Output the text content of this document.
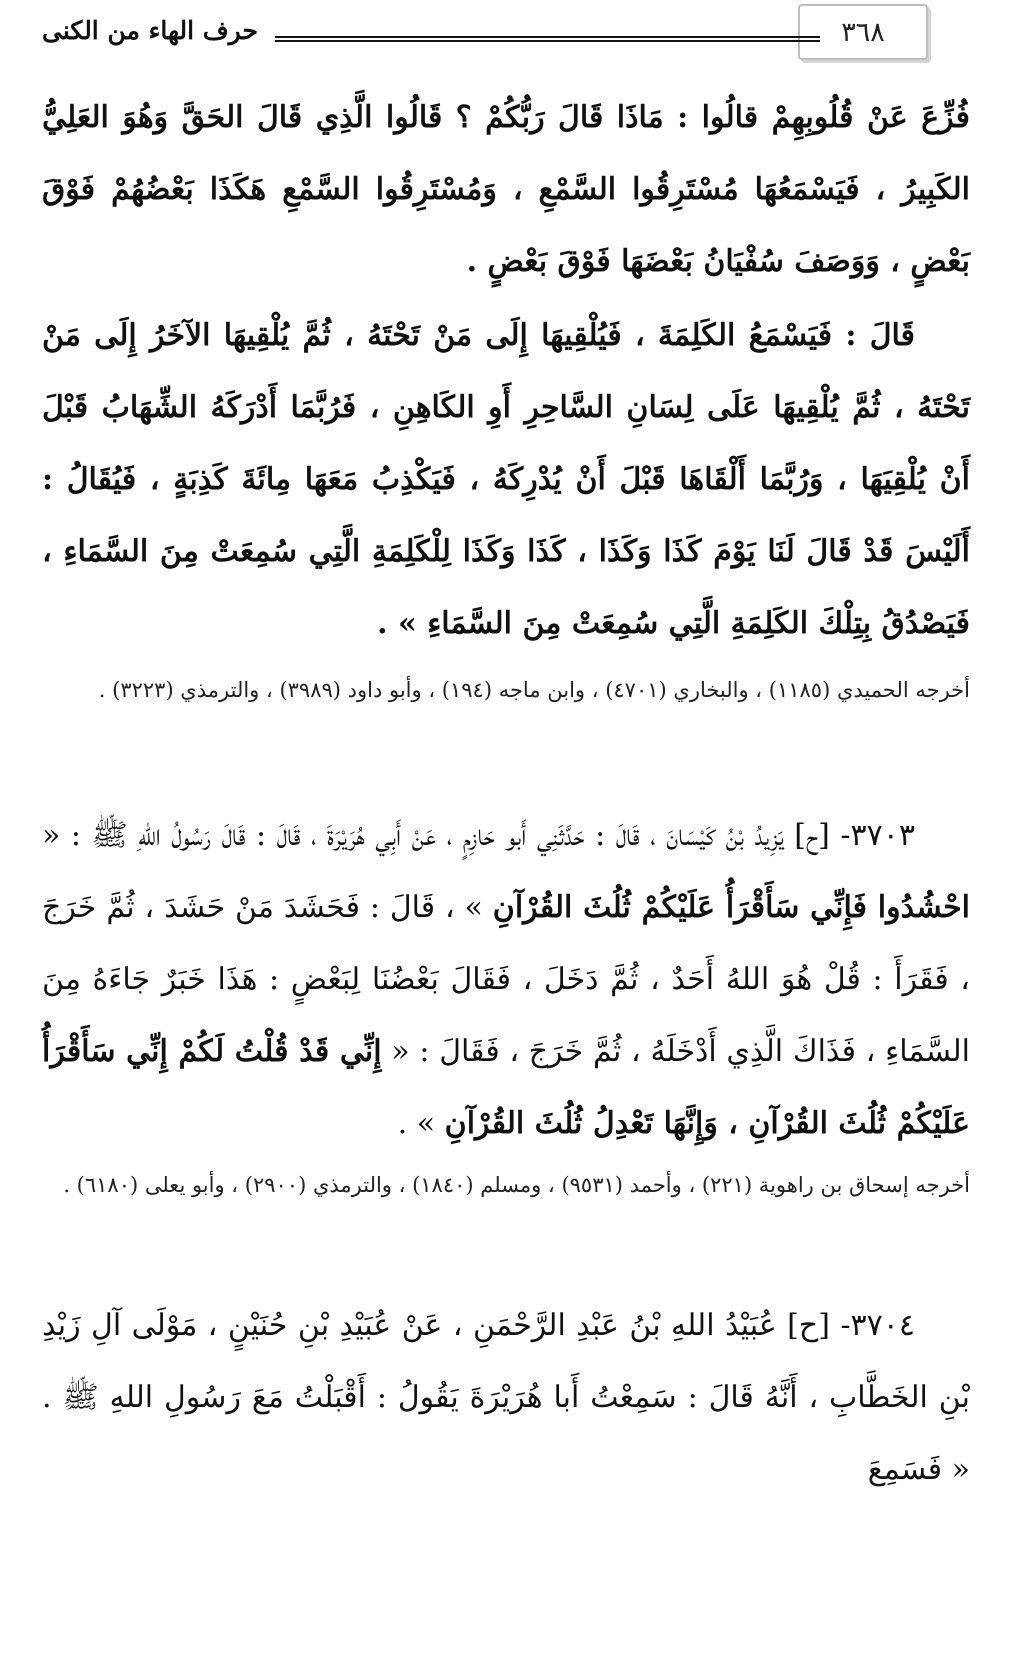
٣٦٨
حرف الهاء من الكنى

فُزِّعَ عَنْ قُلُوبِهِمْ قالُوا : مَاذَا قَالَ رَبُّكُمْ ؟ قَالُوا الَّذِي قَالَ الحَقَّ وَهُوَ العَلِيُّ الكَبِيرُ ، فَيَسْمَعُهَا مُسْتَرِقُوا السَّمْعِ ، وَمُسْتَرِقُوا السَّمْعِ هَكَذَا بَعْضُهُمْ فَوْقَ بَعْضٍ ، وَوَصَفَ سُفْيَانُ بَعْضَهَا فَوْقَ بَعْضٍ .

قَالَ : فَيَسْمَعُ الكَلِمَةَ ، فَيُلْقِيهَا إِلَى مَنْ تَحْتَهُ ، ثُمَّ يُلْقِيهَا الآخَرُ إِلَى مَنْ تَحْتَهُ ، ثُمَّ يُلْقِيهَا عَلَى لِسَانِ السَّاحِرِ أَوِ الكَاهِنِ ، فَرُبَّمَا أَدْرَكَهُ الشِّهَابُ قَبْلَ أَنْ يُلْقِيَهَا ، وَرُبَّمَا أَلْقَاهَا قَبْلَ أَنْ يُدْرِكَهُ ، فَيَكْذِبُ مَعَهَا مِائَةَ كَذِبَةٍ ، فَيُقَالُ : أَلَيْسَ قَدْ قَالَ لَنَا يَوْمَ كَذَا وَكَذَا ، كَذَا وَكَذَا لِلْكَلِمَةِ الَّتِي سُمِعَتْ مِنَ السَّمَاءِ ، فَيَصْدُقُ بِتِلْكَ الكَلِمَةِ الَّتِي سُمِعَتْ مِنَ السَّمَاءِ » .

أخرجه الحميدي (١١٨٥) ، والبخاري (٤٧٠١) ، وابن ماجه (١٩٤) ، وأبو داود (٣٩٨٩) ، والترمذي (٣٢٢٣) .

٣٧٠٣- [ح] يَزِيدُ بْنُ كَيْسَانَ ، قَالَ : حَدَّثَنِي أَبو حَازِمٍ ، عَنْ أَبِي هُرَيْرَةَ ، قَالَ : قَالَ رَسُولُ اللهِ ﷺ : « احْشُدُوا فَإِنِّي سَأَقْرَأُ عَلَيْكُمْ ثُلُثَ القُرْآنِ » ، قَالَ : فَحَشَدَ مَنْ حَشَدَ ، ثُمَّ خَرَجَ ، فَقَرَأَ : قُلْ هُوَ اللهُ أَحَدٌ ، ثُمَّ دَخَلَ ، فَقَالَ بَعْضُنَا لِبَعْضٍ : هَذَا خَبَرٌ جَاءَهُ مِنَ السَّمَاءِ ، فَذَاكَ الَّذِي أَدْخَلَهُ ، ثُمَّ خَرَجَ ، فَقَالَ : « إِنِّي قَدْ قُلْتُ لَكُمْ إِنِّي سَأَقْرَأُ عَلَيْكُمْ ثُلُثَ القُرْآنِ ، وَإِنَّهَا تَعْدِلُ ثُلُثَ القُرْآنِ » .

أخرجه إسحاق بن راهوية (٢٢١) ، وأحمد (٩٥٣١) ، ومسلم (١٨٤٠) ، والترمذي (٢٩٠٠) ، وأبو يعلى (٦١٨٠) .

٣٧٠٤- [ح] عُبَيْدُ اللهِ بْنُ عَبْدِ الرَّحْمَنِ ، عَنْ عُبَيْدِ بْنِ حُنَيْنٍ ، مَوْلَى آلِ زَيْدِ بْنِ الخَطَّابِ ، أَنَّهُ قَالَ : سَمِعْتُ أَبا هُرَيْرَةَ يَقُولُ : أَقْبَلْتُ مَعَ رَسُولِ اللهِ ﷺ . « فَسَمِعَ
